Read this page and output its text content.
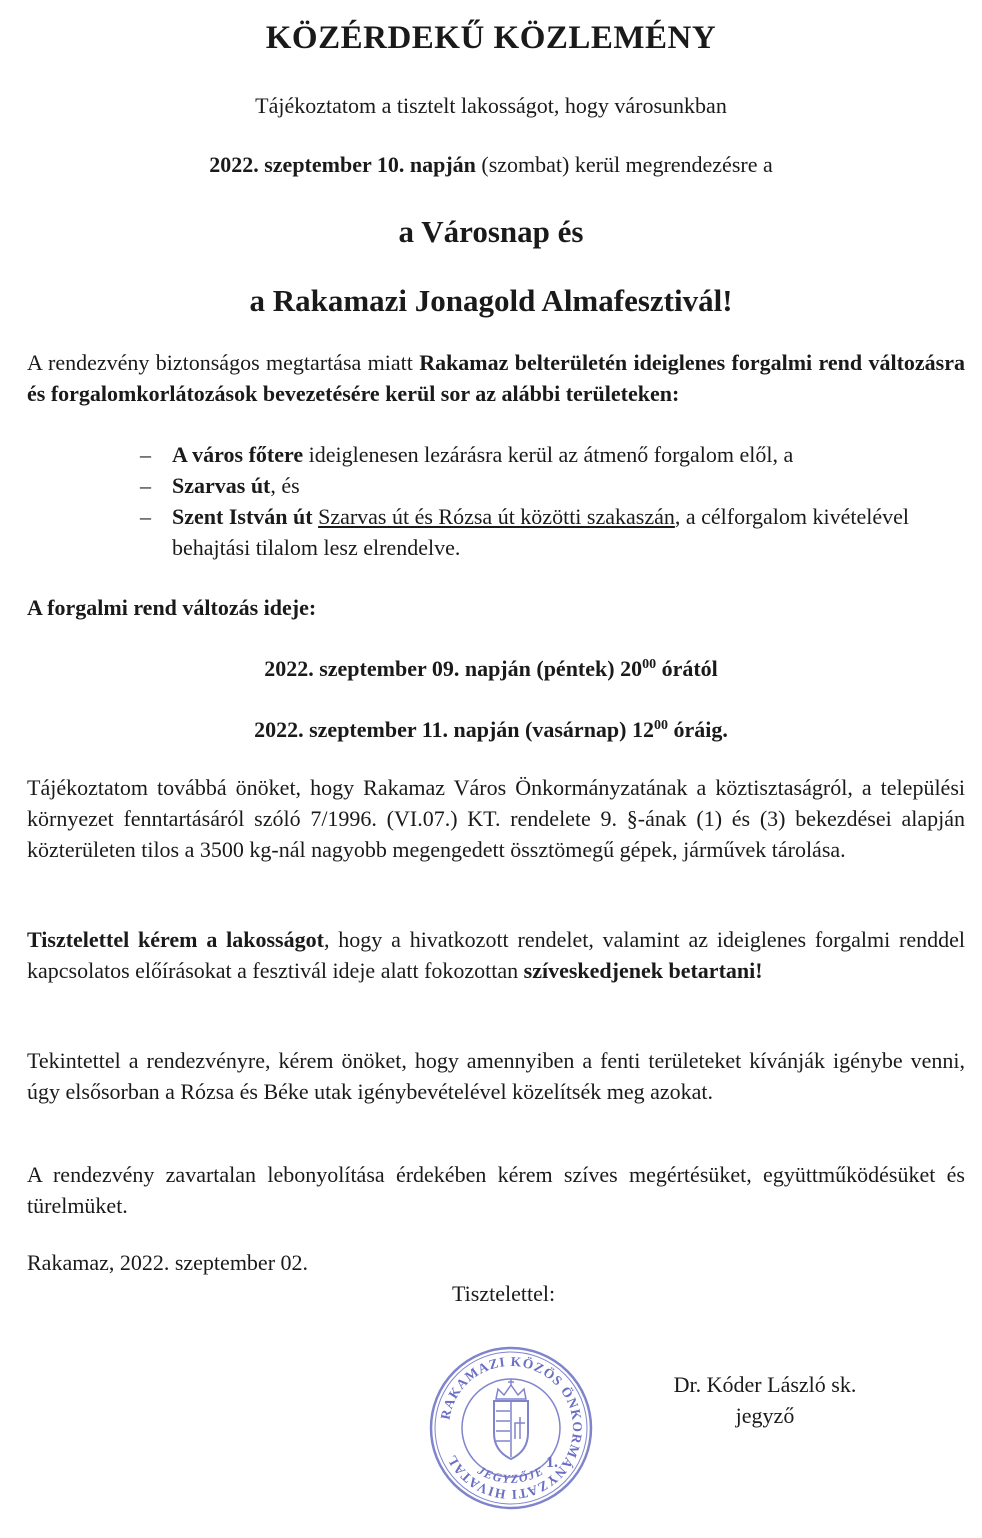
KÖZÉRDEKŰ KÖZLEMÉNY
Tájékoztatom a tisztelt lakosságot, hogy városunkban
2022. szeptember 10. napján (szombat) kerül megrendezésre a
a Városnap és
a Rakamazi Jonagold Almafesztivál!

A rendezvény biztonságos megtartása miatt Rakamaz belterületén ideiglenes forgalmi rend változásra és forgalomkorlátozások bevezetésére kerül sor az alábbi területeken:

– A város főtere ideiglenesen lezárásra kerül az átmenő forgalom elől, a
– Szarvas út, és
– Szent István út Szarvas út és Rózsa út közötti szakaszán, a célforgalom kivételével behajtási tilalom lesz elrendelve.
A forgalmi rend változás ideje:
2022. szeptember 09. napján (péntek) $20^{00}$ órától
2022. szeptember 11. napján (vasárnap) $12^{00}$ óráig.

Tájékoztatom továbbá önöket, hogy Rakamaz Város Önkormányzatának a köztisztaságról, a települési környezet fenntartásáról szóló 7/1996. (VI.07.) KT. rendelete 9. §-ának (1) és (3) bekezdései alapján közterületen tilos a 3500 kg-nál nagyobb megengedett össztömegű gépek, járművek tárolása.

Tisztelettel kérem a lakosságot, hogy a hivatkozott rendelet, valamint az ideiglenes forgalmi renddel kapcsolatos előírásokat a fesztivál ideje alatt fokozottan szíveskedjenek betartani!

Tekintettel a rendezvényre, kérem önöket, hogy amennyiben a fenti területeket kívánják igénybe venni, úgy elsősorban a Rózsa és Béke utak igénybevételével közelítsék meg azokat.

A rendezvény zavartalan lebonyolítása érdekében kérem szíves megértésüket, együttműködésüket és türelmüket.

Rakamaz, 2022. szeptember 02.
Tisztelettel:
RAKAMAZI KÖZÖS ÖNKORMÁNYZATI HIVATAL
JEGYZŐJE
1.
Dr. Kóder László sk.
jegyző
